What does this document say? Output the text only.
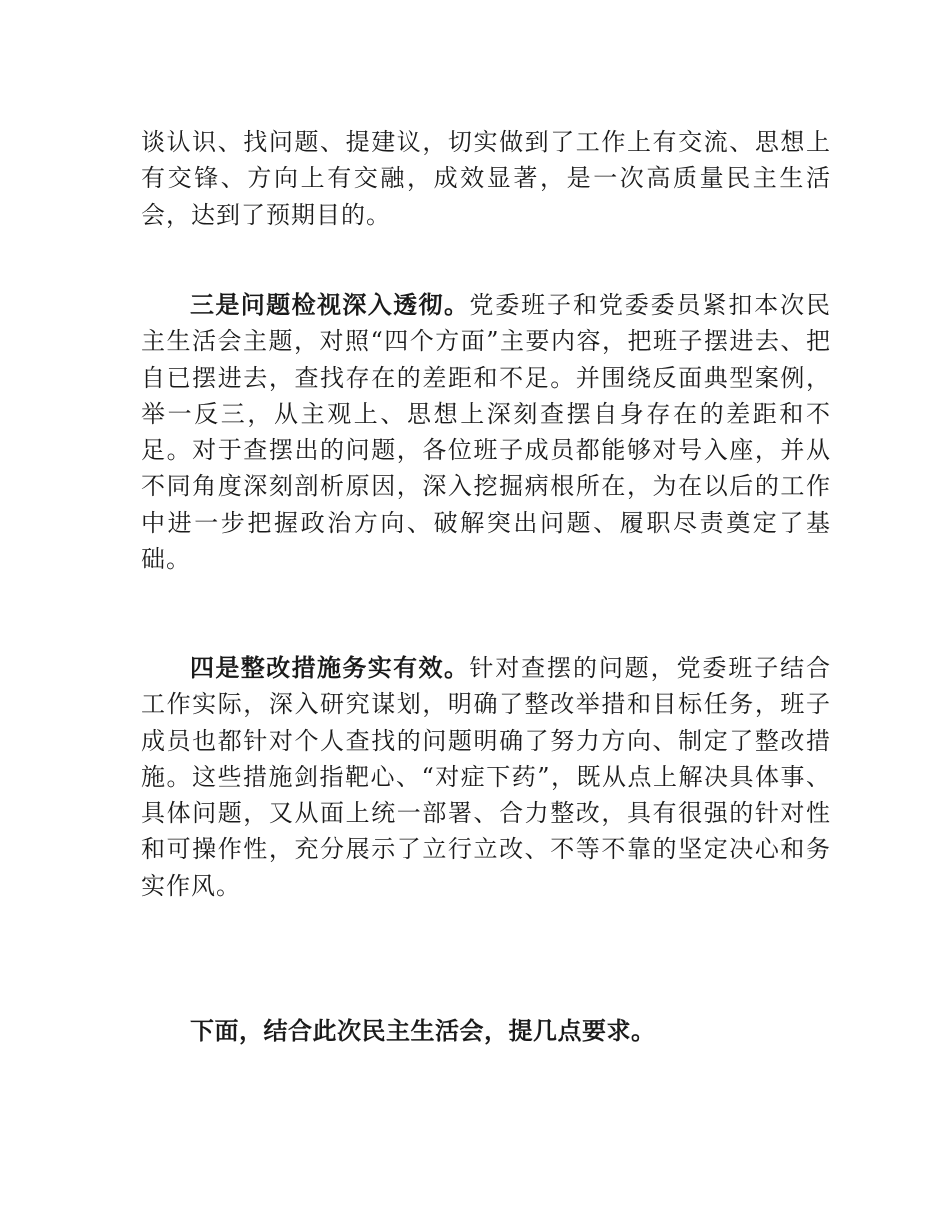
谈认识、找问题、提建议，切实做到了工作上有交流、思想上有交锋、方向上有交融，成效显著，是一次高质量民主生活会，达到了预期目的。

三是问题检视深入透彻。党委班子和党委委员紧扣本次民主生活会主题，对照“四个方面”主要内容，把班子摆进去、把自已摆进去，查找存在的差距和不足。并围绕反面典型案例，举一反三，从主观上、思想上深刻查摆自身存在的差距和不足。对于查摆出的问题，各位班子成员都能够对号入座，并从不同角度深刻剖析原因，深入挖掘病根所在，为在以后的工作中进一步把握政治方向、破解突出问题、履职尽责奠定了基础。

四是整改措施务实有效。针对查摆的问题，党委班子结合工作实际，深入研究谋划，明确了整改举措和目标任务，班子成员也都针对个人查找的问题明确了努力方向、制定了整改措施。这些措施剑指靶心、“对症下药”，既从点上解决具体事、具体问题，又从面上统一部署、合力整改，具有很强的针对性和可操作性，充分展示了立行立改、不等不靠的坚定决心和务实作风。

下面，结合此次民主生活会，提几点要求。
